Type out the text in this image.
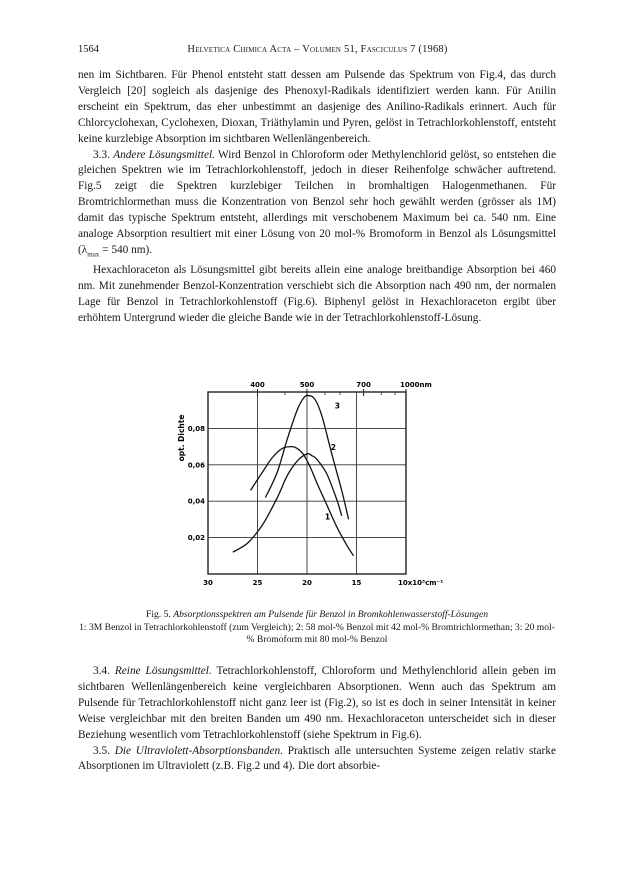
1564	Helvetica Chimica Acta – Volumen 51, Fasciculus 7 (1968)

nen im Sichtbaren. Für Phenol entsteht statt dessen am Pulsende das Spektrum von Fig.4, das durch Vergleich [20] sogleich als dasjenige des Phenoxyl-Radikals identifiziert werden kann. Für Anilin erscheint ein Spektrum, das eher unbestimmt an dasjenige des Anilino-Radikals erinnert. Auch für Chlorcyclohexan, Cyclohexen, Dioxan, Triäthylamin und Pyren, gelöst in Tetrachlorkohlenstoff, entsteht keine kurzlebige Absorption im sichtbaren Wellenlängenbereich.

3.3. Andere Lösungsmittel. Wird Benzol in Chloroform oder Methylenchlorid gelöst, so entstehen die gleichen Spektren wie im Tetrachlorkohlenstoff, jedoch in dieser Reihenfolge schwächer auftretend. Fig.5 zeigt die Spektren kurzlebiger Teilchen in bromhaltigen Halogenmethanen. Für Bromtrichlormethan muss die Konzentration von Benzol sehr hoch gewählt werden (grösser als 1M) damit das typische Spektrum entsteht, allerdings mit verschobenem Maximum bei ca. 540 nm. Eine analoge Absorption resultiert mit einer Lösung von 20 mol-% Bromoform in Benzol als Lösungsmittel ($\lambda_{max} = 540$ nm).

Hexachloraceton als Lösungsmittel gibt bereits allein eine analoge breitbandige Absorption bei 460 nm. Mit zunehmender Benzol-Konzentration verschiebt sich die Absorption nach 490 nm, der normalen Lage für Benzol in Tetrachlorkohlenstoff (Fig.6). Biphenyl gelöst in Hexachloraceton ergibt über erhöhtem Untergrund wieder die gleiche Bande wie in der Tetrachlorkohlenstoff-Lösung.

30	25	20	15	10x10³cm⁻¹
0,02
0,04
0,06
0,08
400	500	700	1000nm
1
2
3
opt. Dichte
Fig. 5. Absorptionsspektren am Pulsende für Benzol in Bromkohlenwasserstoff-Lösungen
1: 3M Benzol in Tetrachlorkohlenstoff (zum Vergleich); 2: 58 mol-% Benzol mit 42 mol-% Bromtrichlormethan; 3: 20 mol-% Bromoform mit 80 mol-% Benzol

3.4. Reine Lösungsmittel. Tetrachlorkohlenstoff, Chloroform und Methylenchlorid allein geben im sichtbaren Wellenlängenbereich keine vergleichbaren Absorptionen. Wenn auch das Spektrum am Pulsende für Tetrachlorkohlenstoff nicht ganz leer ist (Fig.2), so ist es doch in seiner Intensität in keiner Weise vergleichbar mit den breiten Banden um 490 nm. Hexachloraceton unterscheidet sich in dieser Beziehung wesentlich vom Tetrachlorkohlenstoff (siehe Spektrum in Fig.6).

3.5. Die Ultraviolett-Absorptionsbanden. Praktisch alle untersuchten Systeme zeigen relativ starke Absorptionen im Ultraviolett (z.B. Fig.2 und 4). Die dort absorbie-
